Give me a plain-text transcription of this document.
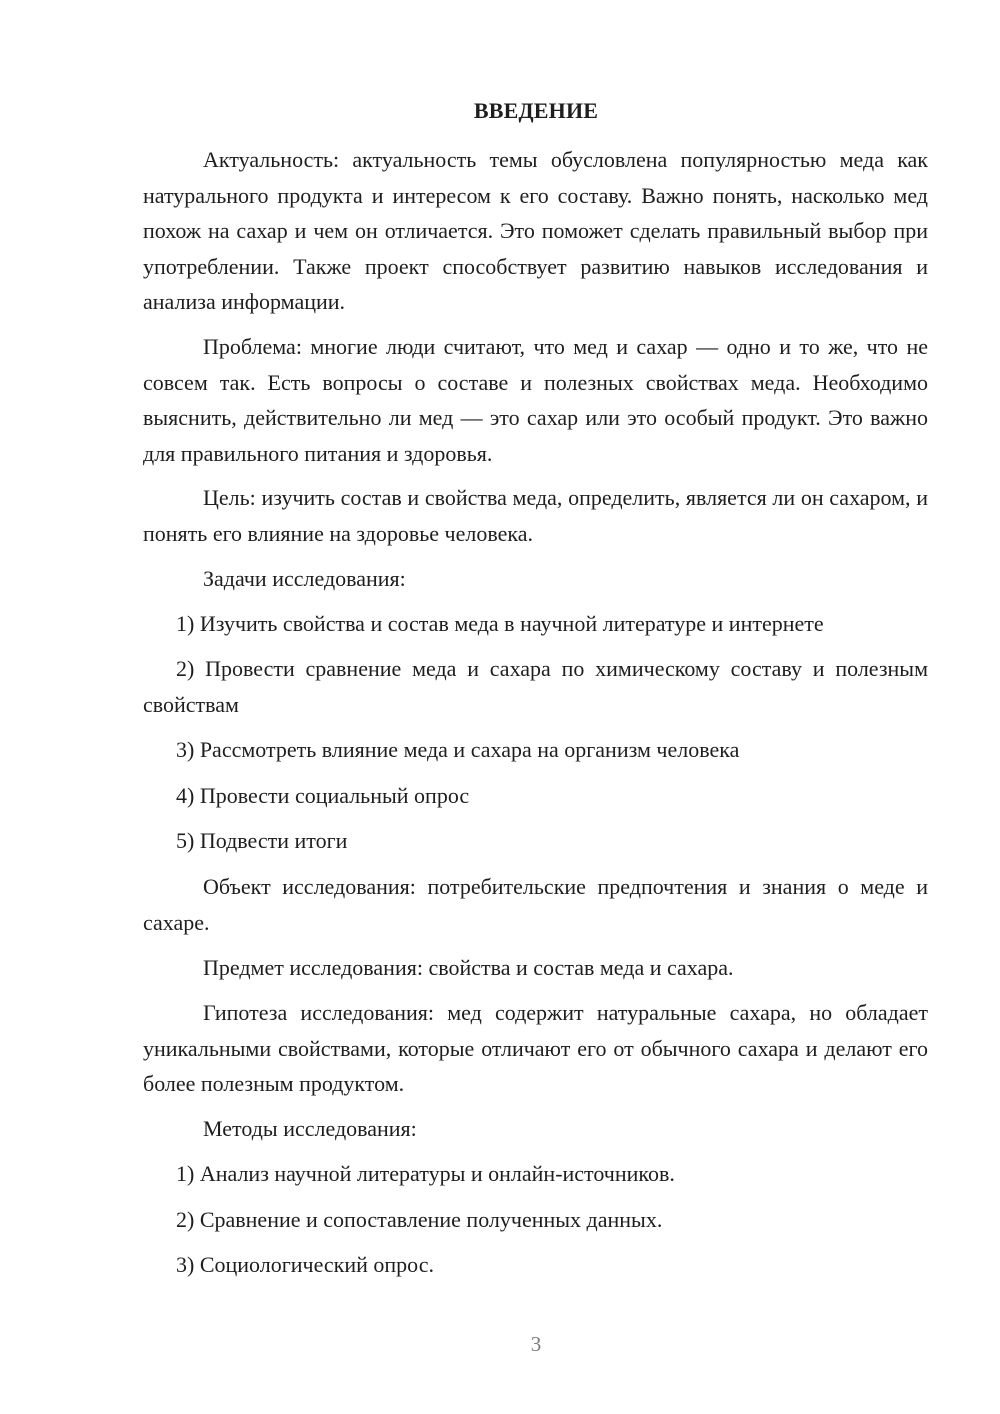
ВВЕДЕНИЕ

Актуальность: актуальность темы обусловлена популярностью меда как натурального продукта и интересом к его составу. Важно понять, насколько мед похож на сахар и чем он отличается. Это поможет сделать правильный выбор при употреблении. Также проект способствует развитию навыков исследования и анализа информации.

Проблема: многие люди считают, что мед и сахар — одно и то же, что не совсем так. Есть вопросы о составе и полезных свойствах меда. Необходимо выяснить, действительно ли мед — это сахар или это особый продукт. Это важно для правильного питания и здоровья.

Цель: изучить состав и свойства меда, определить, является ли он сахаром, и понять его влияние на здоровье человека.

Задачи исследования:

1) Изучить свойства и состав меда в научной литературе и интернете

2) Провести сравнение меда и сахара по химическому составу и полезным свойствам

3) Рассмотреть влияние меда и сахара на организм человека

4) Провести социальный опрос

5) Подвести итоги

Объект исследования: потребительские предпочтения и знания о меде и сахаре.

Предмет исследования: свойства и состав меда и сахара.

Гипотеза исследования: мед содержит натуральные сахара, но обладает уникальными свойствами, которые отличают его от обычного сахара и делают его более полезным продуктом.

Методы исследования:

1) Анализ научной литературы и онлайн-источников.

2) Сравнение и сопоставление полученных данных.

3) Социологический опрос.

3
